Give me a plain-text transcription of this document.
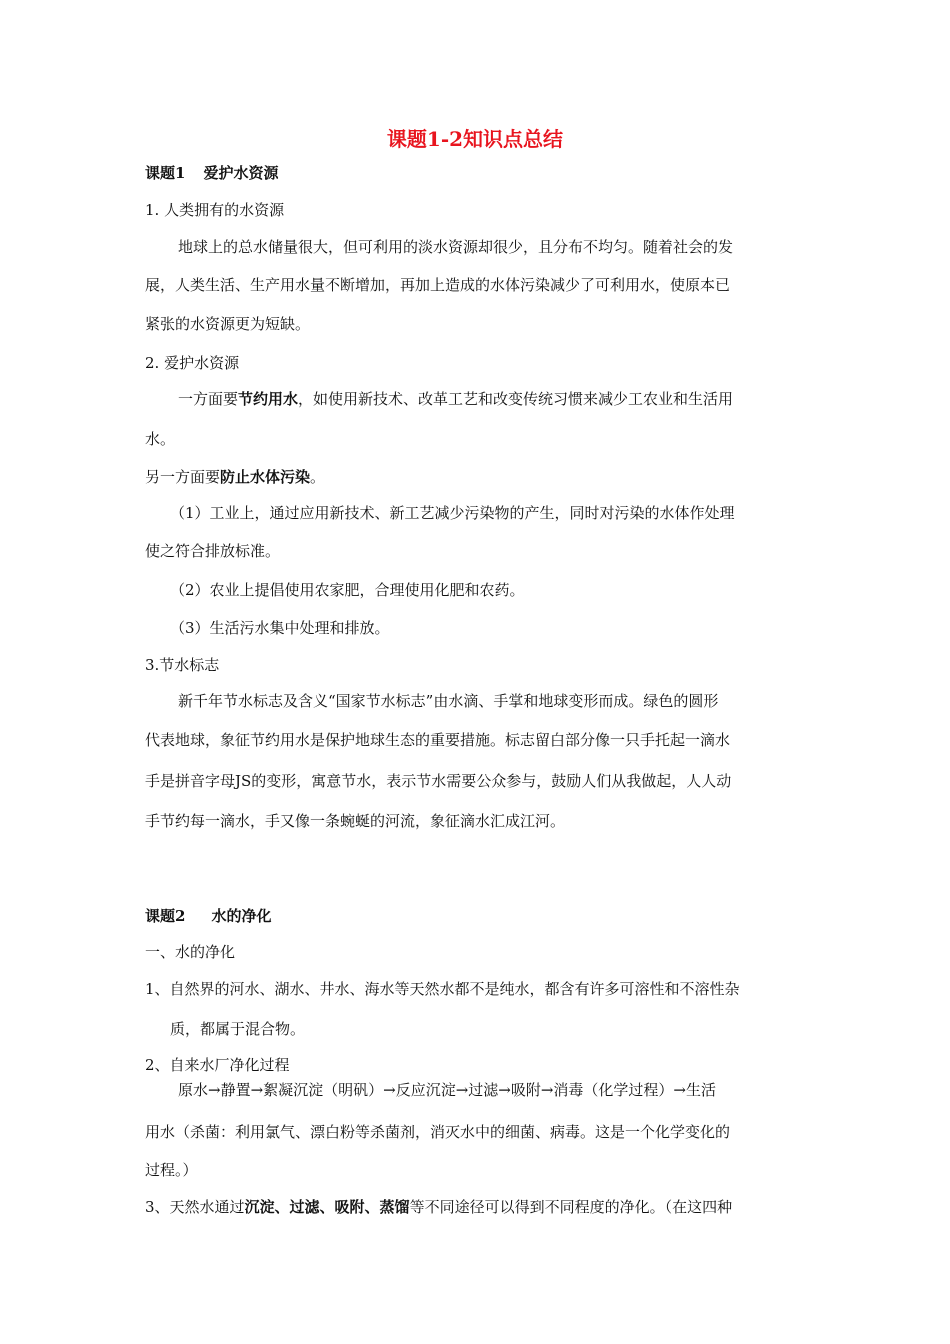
课题1-2知识点总结
课题1 爱护水资源
1. 人类拥有的水资源
地球上的总水储量很大，但可利用的淡水资源却很少，且分布不均匀。随着社会的发
展，人类生活、生产用水量不断增加，再加上造成的水体污染减少了可利用水，使原本已
紧张的水资源更为短缺。
2. 爱护水资源
一方面要节约用水，如使用新技术、改革工艺和改变传统习惯来减少工农业和生活用
水。
另一方面要防止水体污染。
（1）工业上，通过应用新技术、新工艺减少污染物的产生，同时对污染的水体作处理
使之符合排放标准。
（2）农业上提倡使用农家肥，合理使用化肥和农药。
（3）生活污水集中处理和排放。
3.节水标志
新千年节水标志及含义“国家节水标志”由水滴、手掌和地球变形而成。绿色的圆形
代表地球，象征节约用水是保护地球生态的重要措施。标志留白部分像一只手托起一滴水
手是拼音字母JS的变形，寓意节水，表示节水需要公众参与，鼓励人们从我做起，人人动
手节约每一滴水，手又像一条蜿蜒的河流，象征滴水汇成江河。
课题2 水的净化
一、水的净化
1、自然界的河水、湖水、井水、海水等天然水都不是纯水，都含有许多可溶性和不溶性杂
质，都属于混合物。
2、自来水厂净化过程
原水→静置→絮凝沉淀（明矾）→反应沉淀→过滤→吸附→消毒（化学过程）→生活
用水（杀菌：利用氯气、漂白粉等杀菌剂，消灭水中的细菌、病毒。这是一个化学变化的
过程。）
3、天然水通过沉淀、过滤、吸附、蒸馏等不同途径可以得到不同程度的净化。（在这四种
